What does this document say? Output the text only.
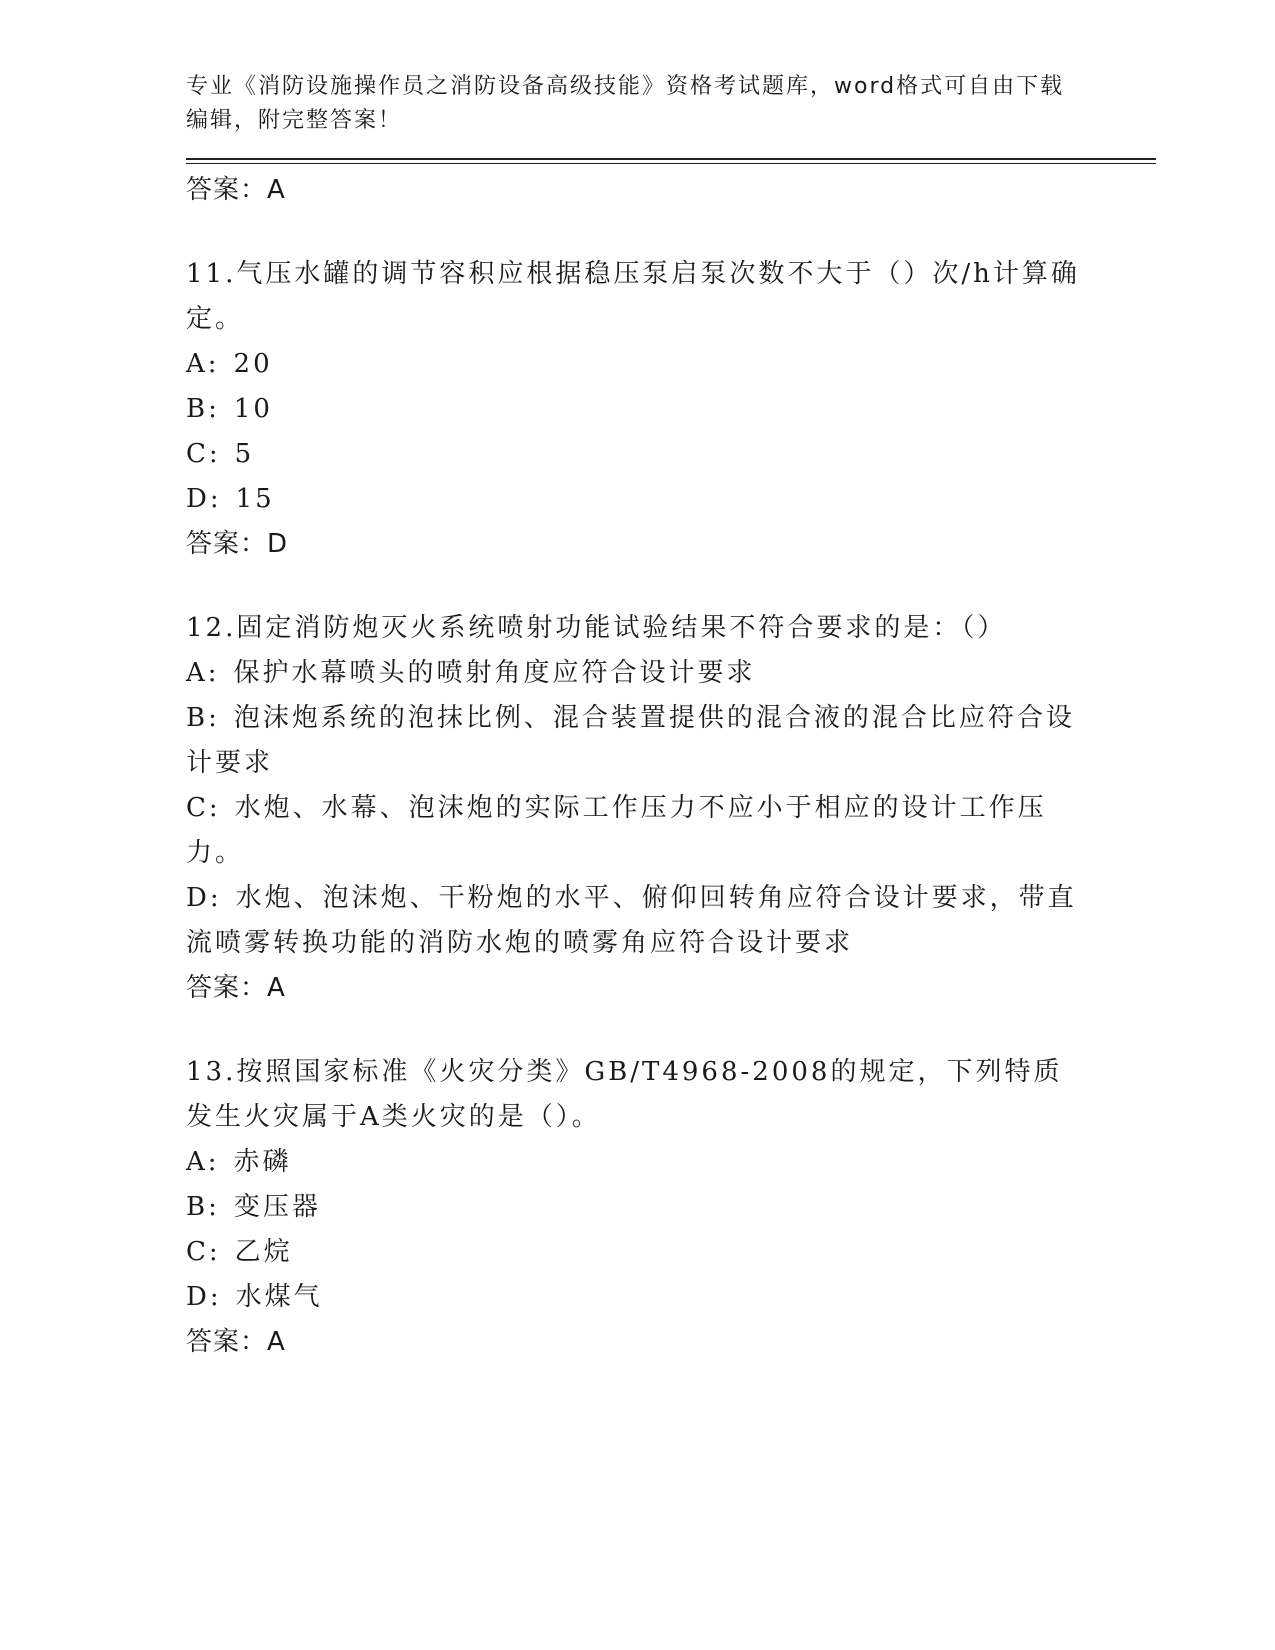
专业《消防设施操作员之消防设备高级技能》资格考试题库，word格式可自由下载编辑，附完整答案！

答案：A

11.气压水罐的调节容积应根据稳压泵启泵次数不大于（）次/h计算确定。

A: 20

B: 10

C: 5

D: 15

答案：D

12.固定消防炮灭火系统喷射功能试验结果不符合要求的是：（）

A: 保护水幕喷头的喷射角度应符合设计要求

B: 泡沫炮系统的泡抹比例、混合装置提供的混合液的混合比应符合设计要求

C: 水炮、水幕、泡沫炮的实际工作压力不应小于相应的设计工作压力。

D: 水炮、泡沫炮、干粉炮的水平、俯仰回转角应符合设计要求，带直流喷雾转换功能的消防水炮的喷雾角应符合设计要求

答案：A

13.按照国家标准《火灾分类》GB/T4968-2008的规定，下列特质发生火灾属于A类火灾的是（）。

A: 赤磷

B: 变压器

C: 乙烷

D: 水煤气

答案：A
